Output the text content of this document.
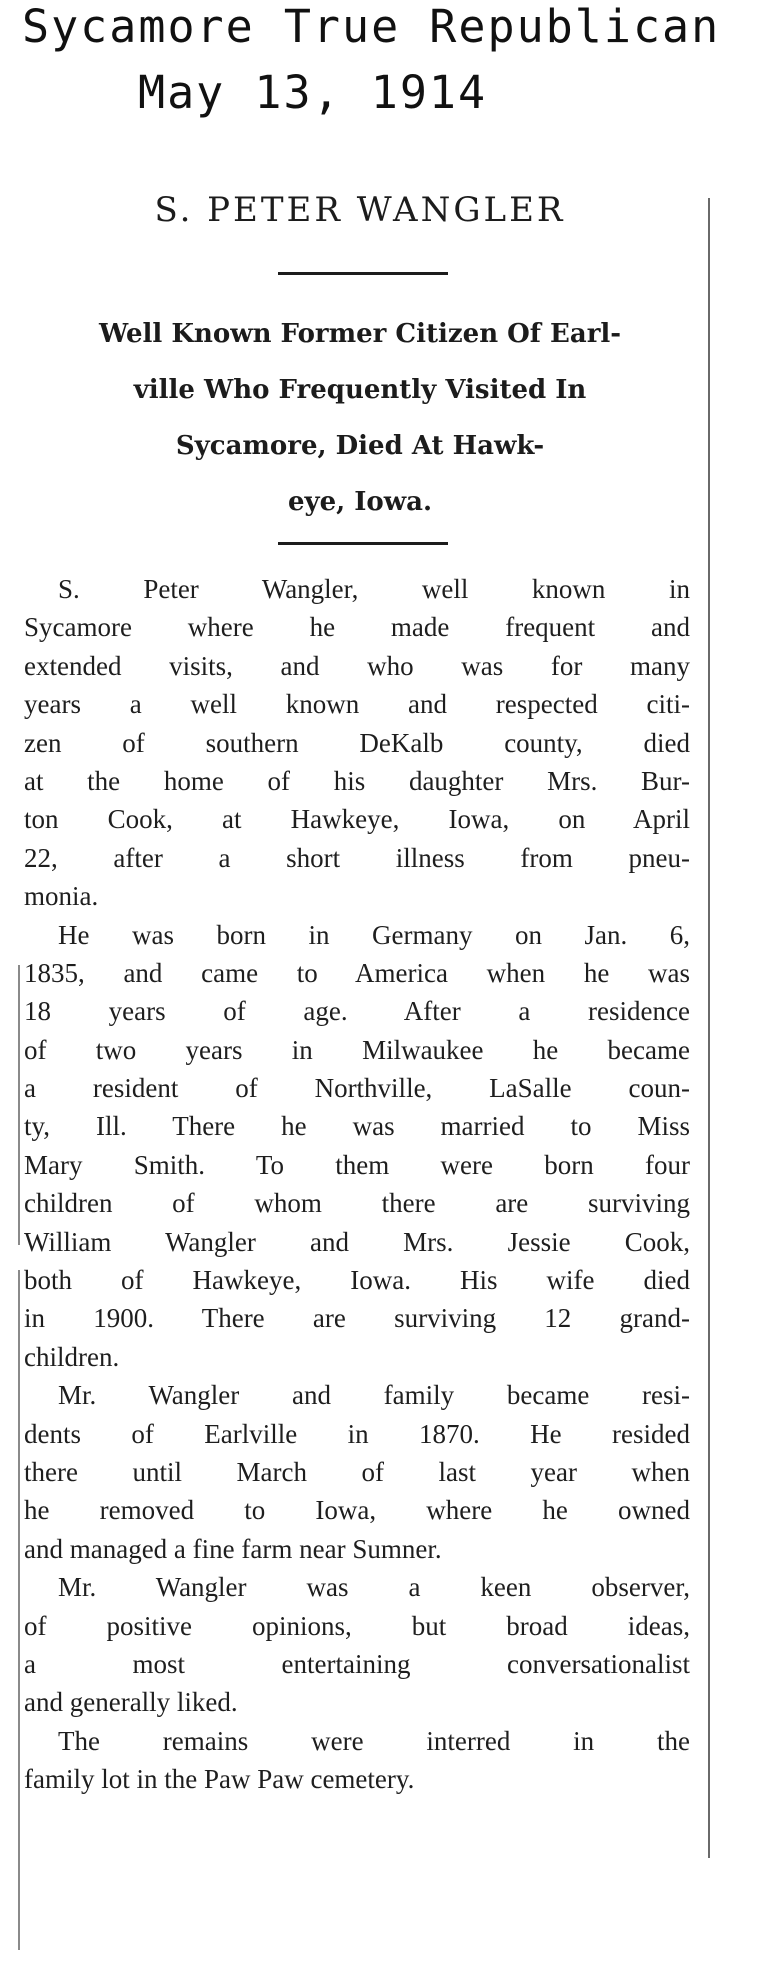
Sycamore True Republican
May 13, 1914
S. PETER WANGLER
Well Known Former Citizen Of Earl-
ville Who Frequently Visited In
Sycamore, Died At Hawk-
eye, Iowa.
S. Peter Wangler, well known in
Sycamore where he made frequent and
extended visits, and who was for many
years a well known and respected citi-
zen of southern DeKalb county, died
at the home of his daughter Mrs. Bur-
ton Cook, at Hawkeye, Iowa, on April
22, after a short illness from pneu-
monia.
He was born in Germany on Jan. 6,
1835, and came to America when he was
18 years of age. After a residence
of two years in Milwaukee he became
a resident of Northville, LaSalle coun-
ty, Ill. There he was married to Miss
Mary Smith. To them were born four
children of whom there are surviving
William Wangler and Mrs. Jessie Cook,
both of Hawkeye, Iowa. His wife died
in 1900. There are surviving 12 grand-
children.
Mr. Wangler and family became resi-
dents of Earlville in 1870. He resided
there until March of last year when
he removed to Iowa, where he owned
and managed a fine farm near Sumner.
Mr. Wangler was a keen observer,
of positive opinions, but broad ideas,
a most entertaining conversationalist
and generally liked.
The remains were interred in the
family lot in the Paw Paw cemetery.
